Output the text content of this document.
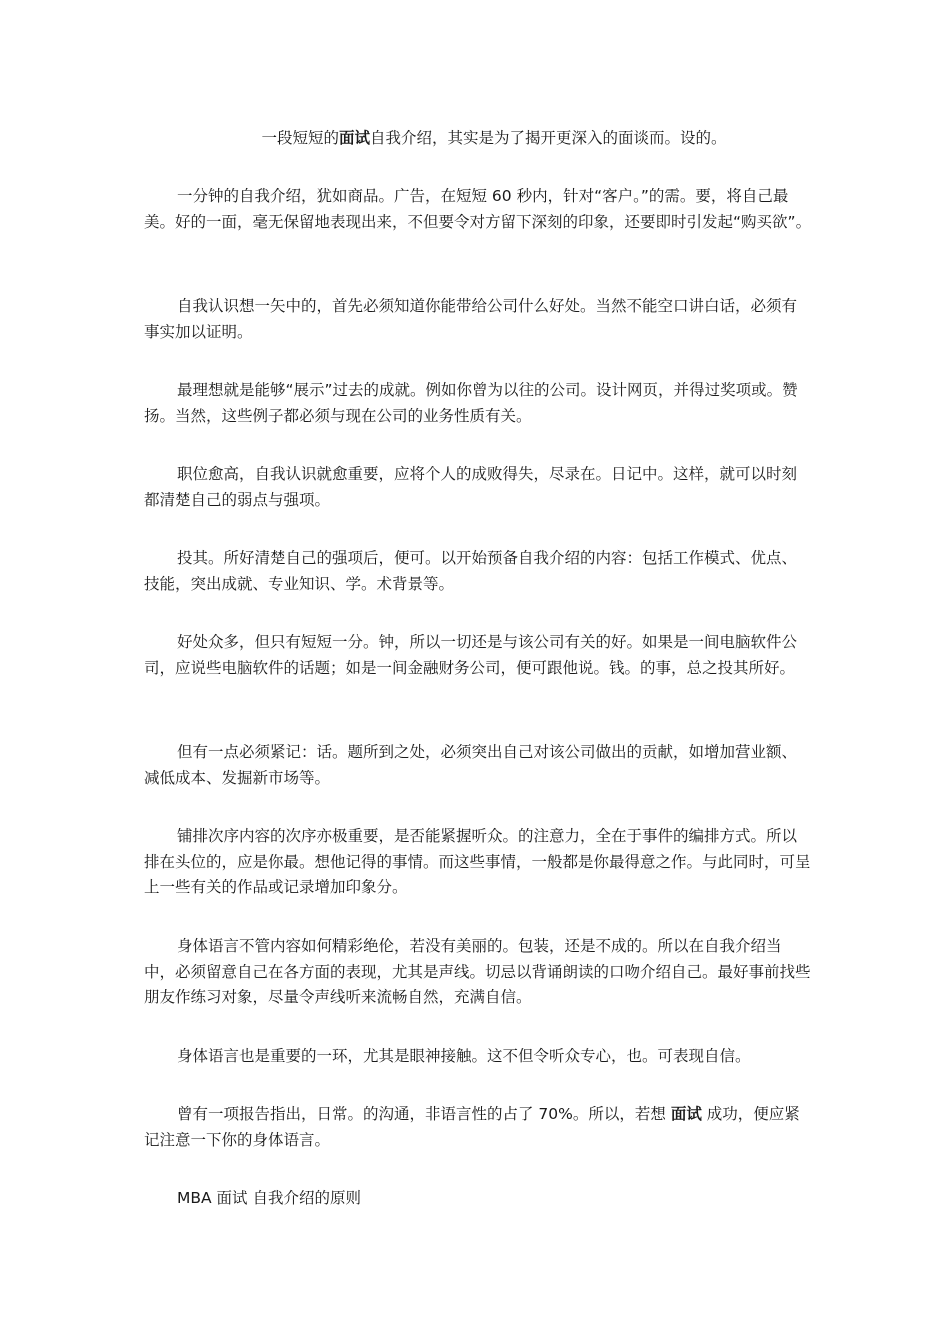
一段短短的面试自我介绍，其实是为了揭开更深入的面谈而。设的。

一分钟的自我介绍，犹如商品。广告，在短短 60 秒内，针对“客户。”的需。要，将自己最美。好的一面，毫无保留地表现出来，不但要令对方留下深刻的印象，还要即时引发起“购买欲”。

自我认识想一矢中的，首先必须知道你能带给公司什么好处。当然不能空口讲白话，必须有事实加以证明。

最理想就是能够“展示”过去的成就。例如你曾为以往的公司。设计网页，并得过奖项或。赞扬。当然，这些例子都必须与现在公司的业务性质有关。

职位愈高，自我认识就愈重要，应将个人的成败得失，尽录在。日记中。这样，就可以时刻都清楚自己的弱点与强项。

投其。所好清楚自己的强项后，便可。以开始预备自我介绍的内容：包括工作模式、优点、技能，突出成就、专业知识、学。术背景等。

好处众多，但只有短短一分。钟，所以一切还是与该公司有关的好。如果是一间电脑软件公司，应说些电脑软件的话题；如是一间金融财务公司，便可跟他说。钱。的事，总之投其所好。

但有一点必须紧记：话。题所到之处，必须突出自己对该公司做出的贡献，如增加营业额、减低成本、发掘新市场等。

铺排次序内容的次序亦极重要，是否能紧握听众。的注意力，全在于事件的编排方式。所以排在头位的，应是你最。想他记得的事情。而这些事情，一般都是你最得意之作。与此同时，可呈上一些有关的作品或记录增加印象分。

身体语言不管内容如何精彩绝伦，若没有美丽的。包装，还是不成的。所以在自我介绍当中，必须留意自己在各方面的表现，尤其是声线。切忌以背诵朗读的口吻介绍自己。最好事前找些朋友作练习对象，尽量令声线听来流畅自然，充满自信。

身体语言也是重要的一环，尤其是眼神接触。这不但令听众专心，也。可表现自信。

曾有一项报告指出，日常。的沟通，非语言性的占了 70%。所以，若想 面试 成功，便应紧记注意一下你的身体语言。

MBA 面试 自我介绍的原则
